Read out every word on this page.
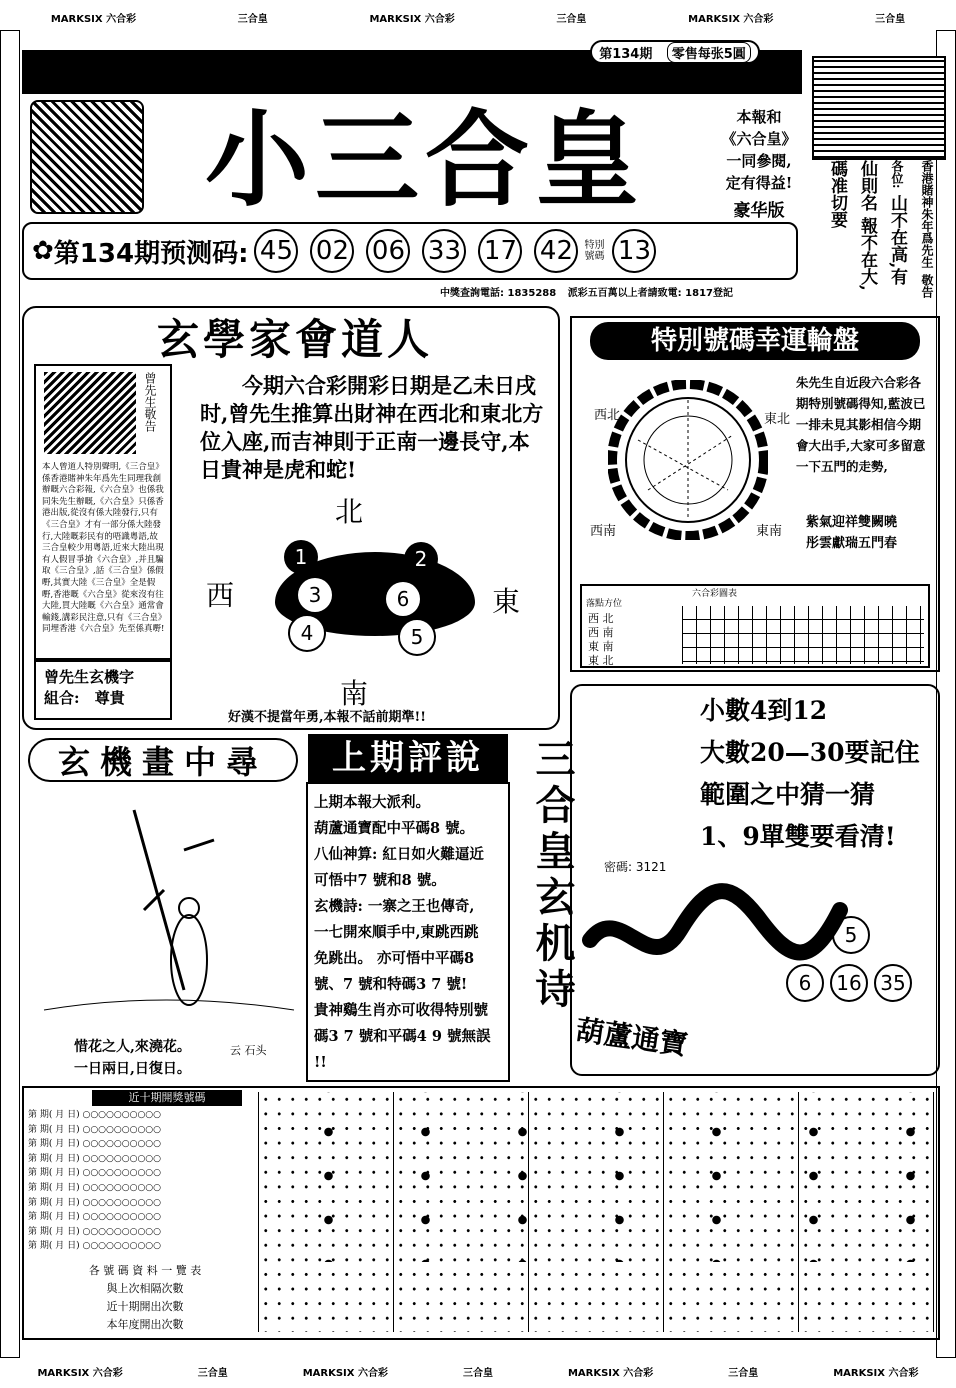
MARKSIX 六合彩	三合皇	MARKSIX 六合彩	三合皇	MARKSIX 六合彩	三合皇
MARKSIX 六合彩	三合皇	MARKSIX 六合彩	三合皇	MARKSIX 六合彩	三合皇	MARKSIX 六合彩
第134期	零售每张5圓
小三合皇	本報和
《六合皇》
一同參閱,
定有得益!
豪华版	香港賭神朱年爲先生 敬告各位: 山不在高,有仙則名 報不在大,碼准切要
✿ 第134期预测码: 45 02 06 33 17 42	特別號碼 13
中獎查詢電話: 1835288 派彩五百萬以上者請致電: 1817登記
玄學家會道人
曾先生敬告
本人曾道人特別聲明,《三合皇》係香港賭神朱年爲先生同理我創辦嘅六合彩報,《六合皇》也係我同朱先生辦嘅,《六合皇》只係香港出版,從沒有係大陸發行,只有《三合皇》才有一部分係大陸發行,大陸嘅彩民有的唔識粵語,故三合皇較少用粵語,近來大陸出現有人假冒爭搶《六合皇》,并且騙取《三合皇》,話《三合皇》係假嘢,其實大陸《三合皇》全是假嘢,香港嘅《六合皇》從來沒有往大陸,買大陸嘅《六合皇》通常會輸錢,講彩民注意,只有《三合皇》同埋香港《六合皇》先至係真嘢!
曾先生玄機字
組合: 尊貴
今期六合彩開彩日期是乙未日戌时,曾先生推算出財神在西北和東北方位入座,而吉神則于正南一邊長守,本日貴神是虎和蛇!
北
西	東
南
1	2
3	6
4	5
好漢不提當年勇,本報不話前期準!!
特別號碼幸運輪盤
西北	東北
西南	東南
朱先生自近段六合彩各期特別號碼得知,藍波已一排未見其影相信今期會大出手,大家可多留意一下五門的走勢,
紫氣迎祥雙闕曉
彤雲獻瑞五門春
六合彩圖表
落點方位
西 北
西 南
東 南
東 北
小數4到12
大數20—30要記住
範圍之中猜一猜
1、9單雙要看清!
密碼: 3121
三合皇玄机诗	5
6	16 35
葫蘆通寶
玄機畫中尋
惜花之人,來澆花。
一日兩日,日復日。
云 石头
上期評說
上期本報大派利。
葫蘆通寶配中平碼8 號。
八仙神算: 紅日如火難逼近
可悟中7 號和8 號。
玄機詩: 一寨之王也傳奇,
一七開來順手中,東跳西跳
免跳出。 亦可悟中平碼8
號、7 號和特碼3 7 號!
貴神鷄生肖亦可收得特別號
碼3 7 號和平碼4 9 號無誤
!!
近十期開獎號碼
第 期( 月 日) ○○○○○○○○○○
第 期( 月 日) ○○○○○○○○○○
第 期( 月 日) ○○○○○○○○○○
第 期( 月 日) ○○○○○○○○○○
第 期( 月 日) ○○○○○○○○○○
第 期( 月 日) ○○○○○○○○○○
第 期( 月 日) ○○○○○○○○○○
第 期( 月 日) ○○○○○○○○○○
第 期( 月 日) ○○○○○○○○○○
第 期( 月 日) ○○○○○○○○○○
各 號 碼 資 料 一 覽 表
與上次相隔次數
近十期開出次數
本年度開出次數
